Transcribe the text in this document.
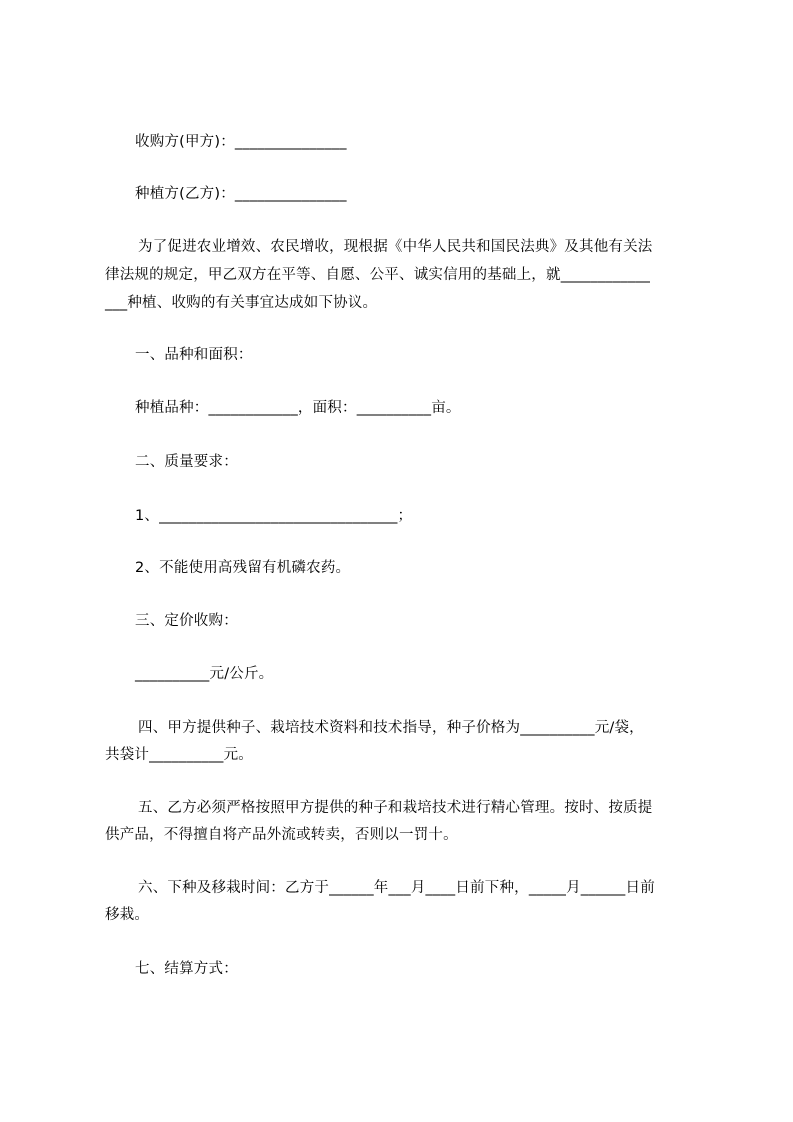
收购方(甲方)：_______________
种植方(乙方)：_______________
为了促进农业增效、农民增收，现根据《中华人民共和国民法典》及其他有关法
律法规的规定，甲乙双方在平等、自愿、公平、诚实信用的基础上，就____________
___种植、收购的有关事宜达成如下协议。
一、品种和面积：
种植品种：____________，面积：__________亩。
二、质量要求：
1、________________________________；
2、不能使用高残留有机磷农药。
三、定价收购：
__________元/公斤。
四、甲方提供种子、栽培技术资料和技术指导，种子价格为__________元/袋，
共袋计__________元。
五、乙方必须严格按照甲方提供的种子和栽培技术进行精心管理。按时、按质提
供产品，不得擅自将产品外流或转卖，否则以一罚十。
六、下种及移栽时间：乙方于______年___月____日前下种，_____月______日前
移栽。
七、结算方式：
